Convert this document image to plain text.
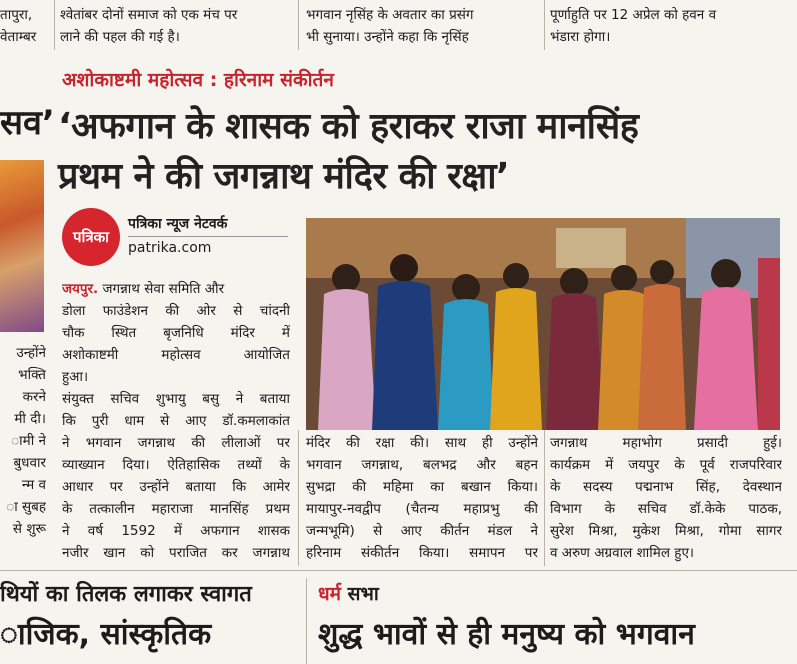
तापुरा,
वेताम्बर
श्वेतांबर दोनों समाज को एक मंच पर
लाने की पहल की गई है।
भगवान नृसिंह के अवतार का प्रसंग
भी सुनाया। उन्होंने कहा कि नृसिंह
पूर्णाहुति पर 12 अप्रेल को हवन व
भंडारा होगा।
सव’
उन्होंने
भक्ति
करने
मी दी।
ामी ने
बुधवार
न्म व
ा सुबह
से शुरू
अशोकाष्टमी महोत्सव : हरिनाम संकीर्तन
‘अफगान के शासक को हराकर राजा मानसिंह
प्रथम ने की जगन्नाथ मंदिर की रक्षा’
पत्रिका
पत्रिका न्यूज नेटवर्क
patrika.com
जयपुर. जगन्नाथ सेवा समिति और
डोला फाउंडेशन की ओर से चांदनी
चौक स्थित बृजनिधि मंदिर में
अशोकाष्टमी महोत्सव आयोजित
हुआ।
संयुक्त सचिव शुभायु बसु ने बताया
कि पुरी धाम से आए डॉ.कमलाकांत
ने भगवान जगन्नाथ की लीलाओं पर
व्याख्यान दिया। ऐतिहासिक तथ्यों के
आधार पर उन्होंने बताया कि आमेर
के तत्कालीन महाराजा मानसिंह प्रथम
ने वर्ष 1592 में अफगान शासक
नजीर खान को पराजित कर जगन्नाथ
मंदिर की रक्षा की। साथ ही उन्होंने
भगवान जगन्नाथ, बलभद्र और बहन
सुभद्रा की महिमा का बखान किया।
मायापुर-नवद्वीप (चैतन्य महाप्रभु की
जन्मभूमि) से आए कीर्तन मंडल ने
हरिनाम संकीर्तन किया। समापन पर
जगन्नाथ महाभोग प्रसादी हुई।
कार्यक्रम में जयपुर के पूर्व राजपरिवार
के सदस्य पद्मनाभ सिंह, देवस्थान
विभाग के सचिव डॉ.केके पाठक,
सुरेश मिश्रा, मुकेश मिश्रा, गोमा सागर
व अरुण अग्रवाल शामिल हुए।
थियों का तिलक लगाकर स्वागत
ाजिक, सांस्कृतिक
धर्म सभा
शुद्ध भावों से ही मनुष्य को भगवान
